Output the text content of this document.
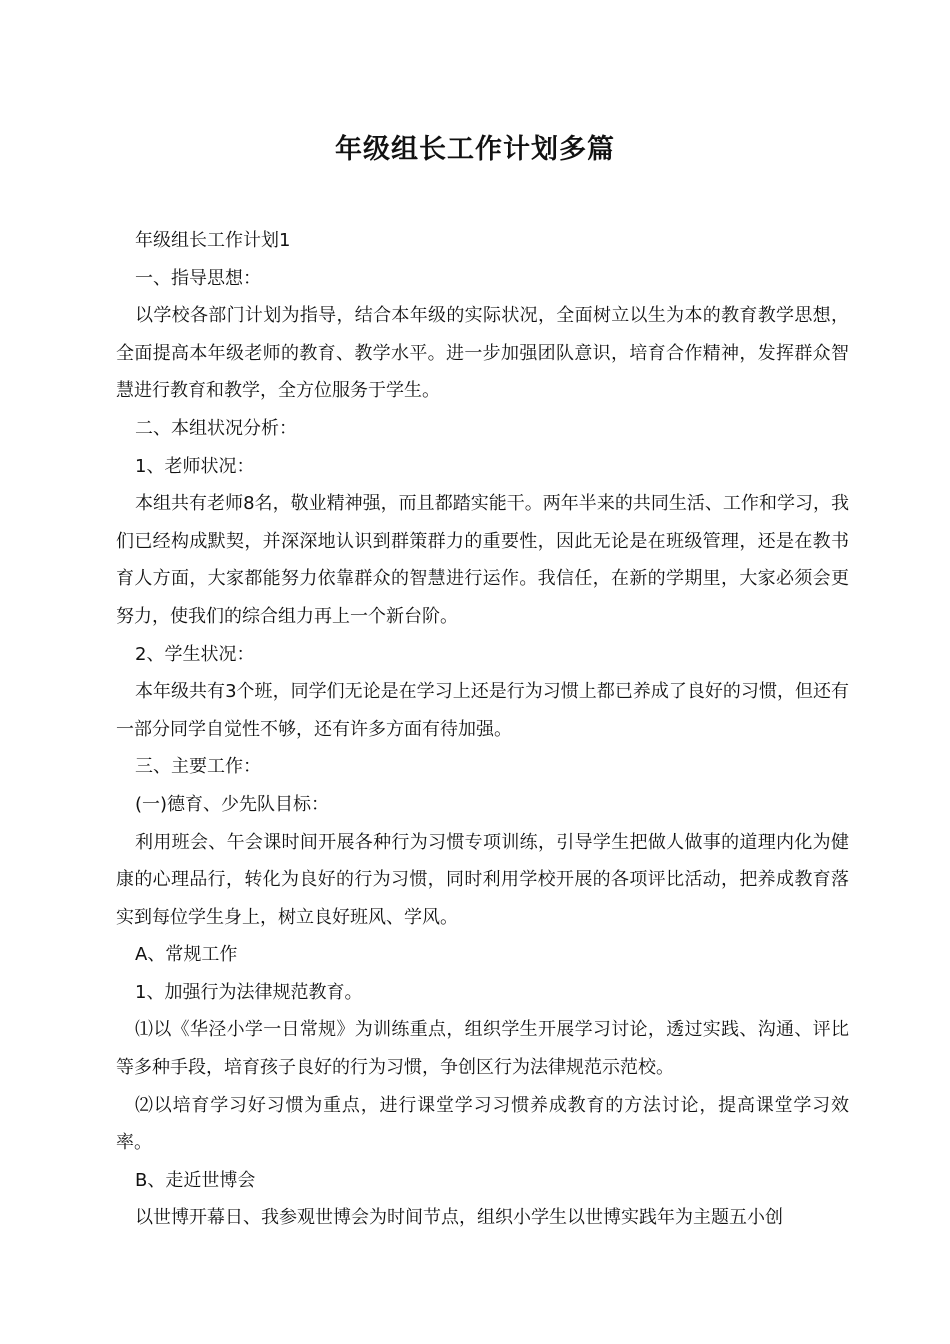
年级组长工作计划多篇

年级组长工作计划1

一、指导思想：

以学校各部门计划为指导，结合本年级的实际状况，全面树立以生为本的教育教学思想，全面提高本年级老师的教育、教学水平。进一步加强团队意识，培育合作精神，发挥群众智慧进行教育和教学，全方位服务于学生。

二、本组状况分析：

1、老师状况：

本组共有老师8名，敬业精神强，而且都踏实能干。两年半来的共同生活、工作和学习，我们已经构成默契，并深深地认识到群策群力的重要性，因此无论是在班级管理，还是在教书育人方面，大家都能努力依靠群众的智慧进行运作。我信任，在新的学期里，大家必须会更努力，使我们的综合组力再上一个新台阶。

2、学生状况：

本年级共有3个班，同学们无论是在学习上还是行为习惯上都已养成了良好的习惯，但还有一部分同学自觉性不够，还有许多方面有待加强。

三、主要工作：

(一)德育、少先队目标：

利用班会、午会课时间开展各种行为习惯专项训练，引导学生把做人做事的道理内化为健康的心理品行，转化为良好的行为习惯，同时利用学校开展的各项评比活动，把养成教育落实到每位学生身上，树立良好班风、学风。

A、常规工作

1、加强行为法律规范教育。

⑴以《华泾小学一日常规》为训练重点，组织学生开展学习讨论，透过实践、沟通、评比等多种手段，培育孩子良好的行为习惯，争创区行为法律规范示范校。

⑵以培育学习好习惯为重点，进行课堂学习习惯养成教育的方法讨论，提高课堂学习效率。

B、走近世博会

以世博开幕日、我参观世博会为时间节点，组织小学生以世博实践年为主题五小创
